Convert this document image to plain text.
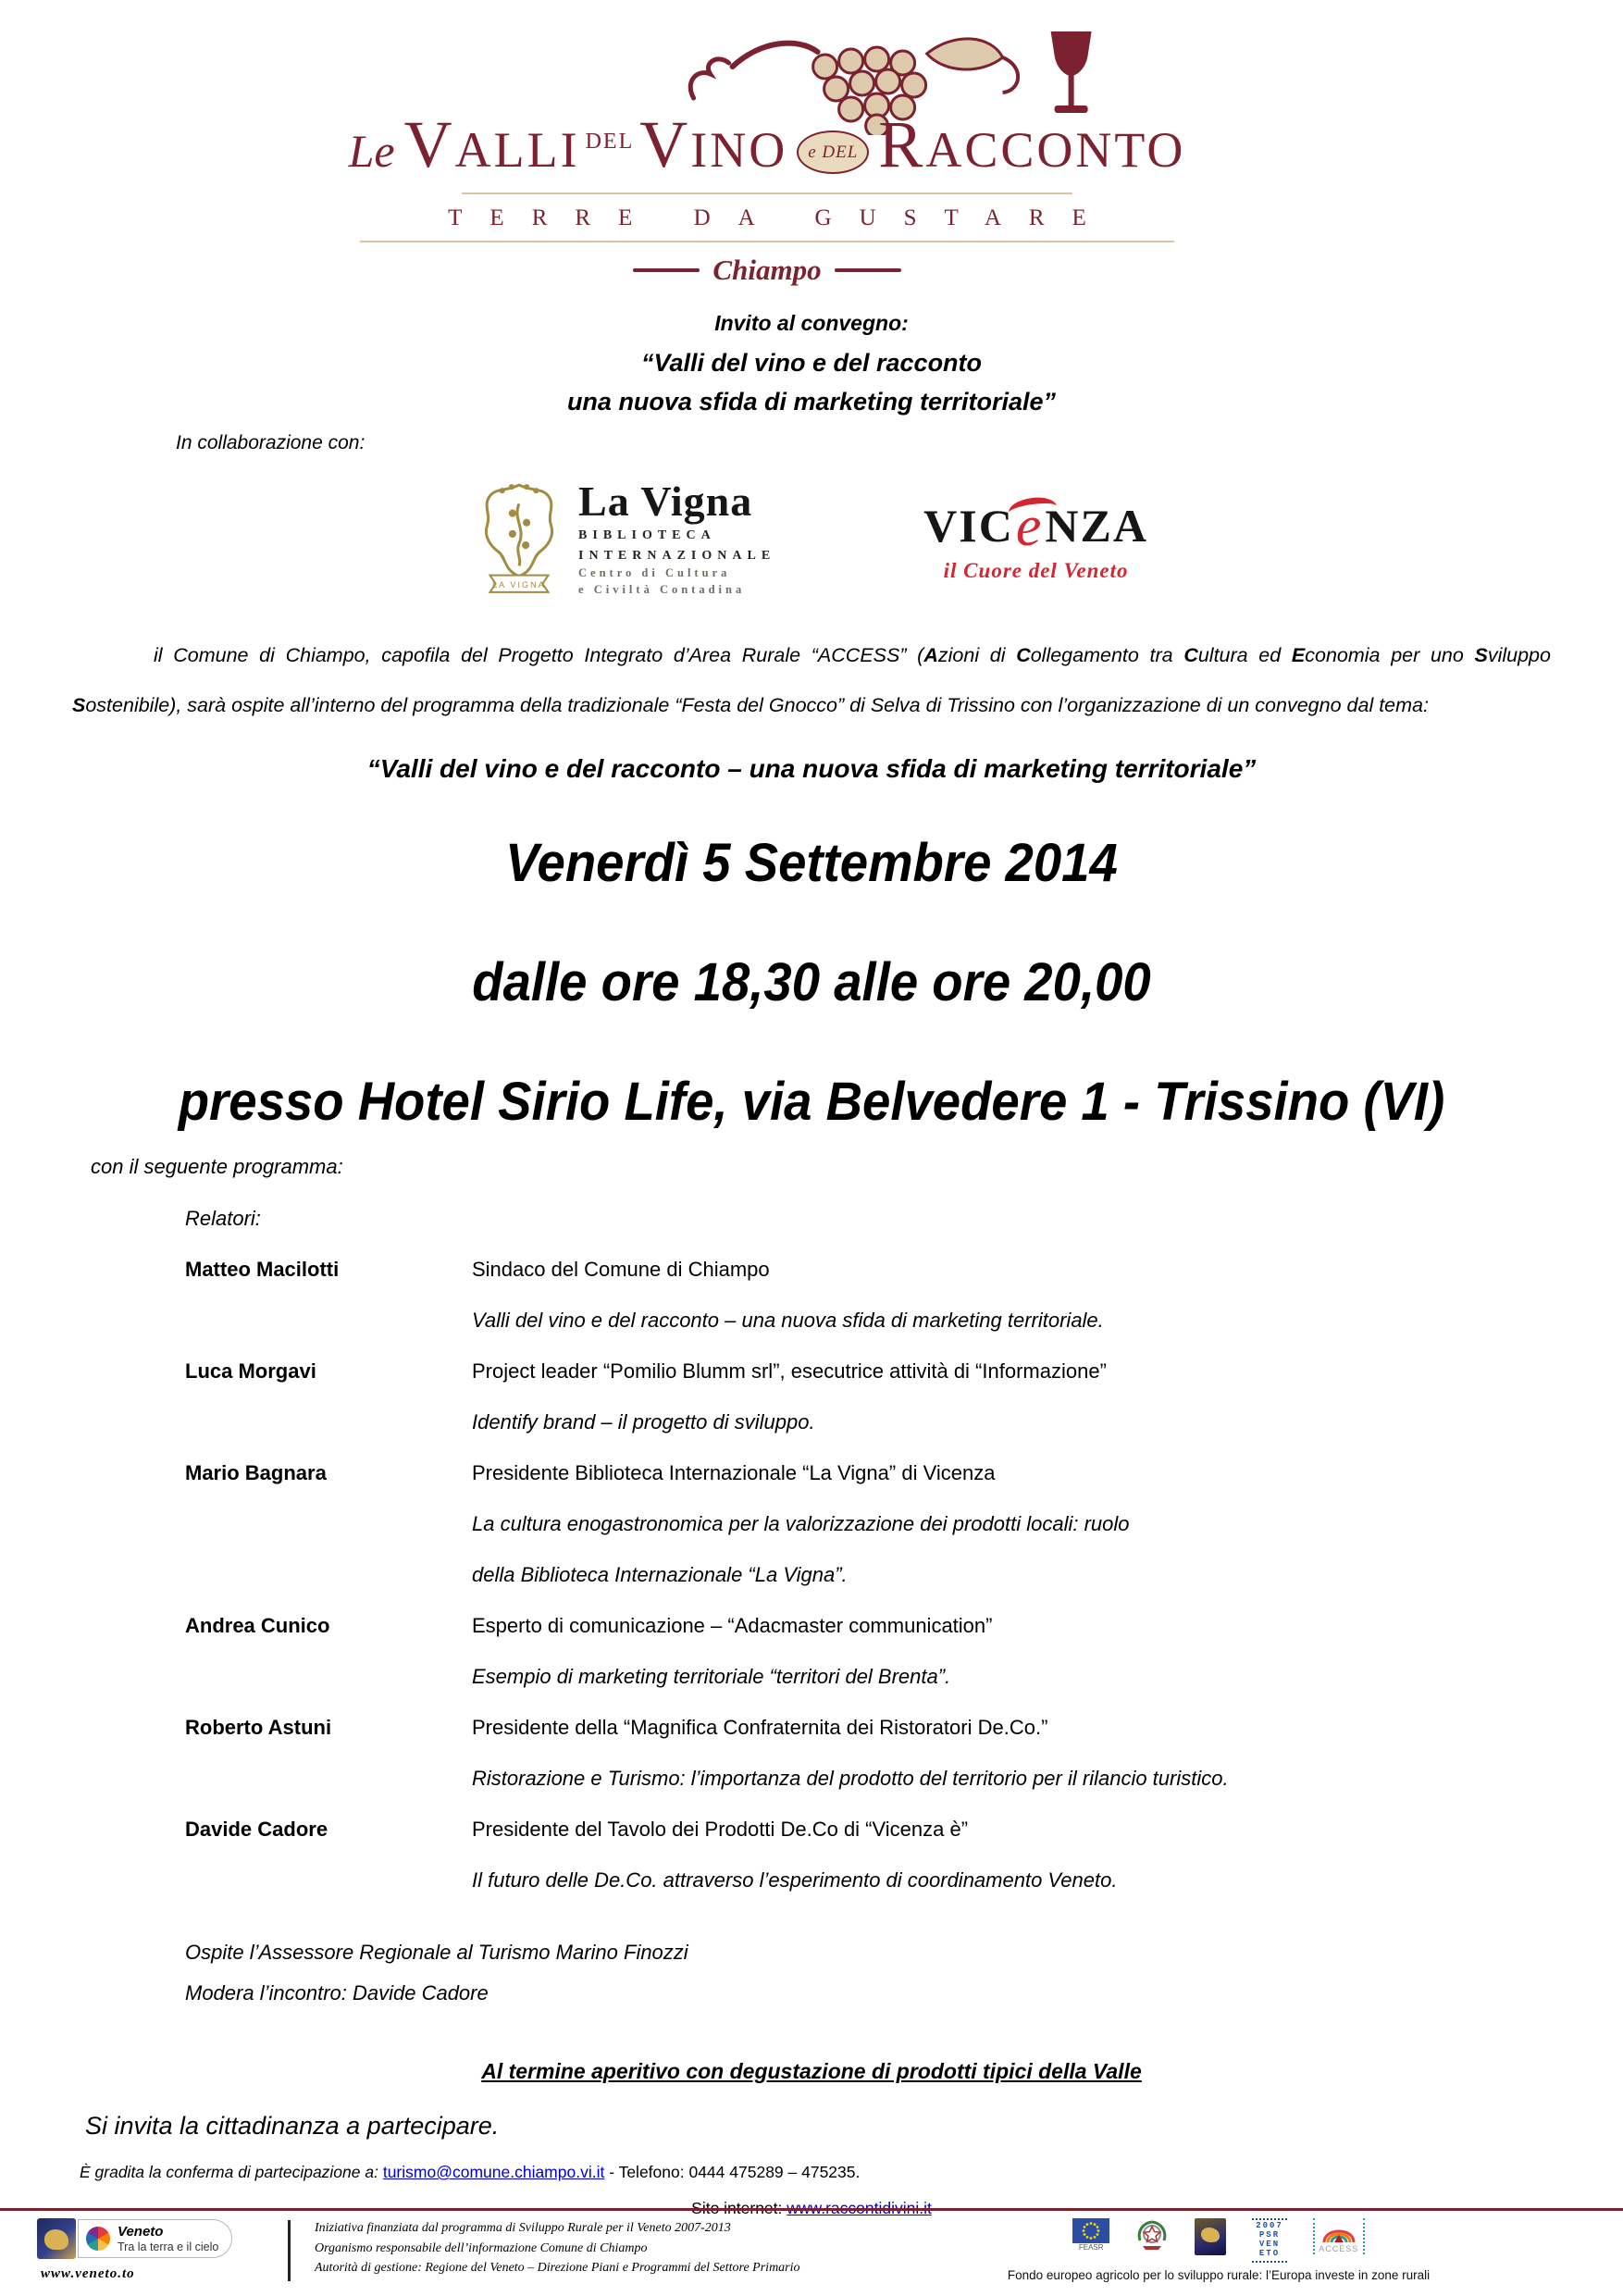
Le VALLI DEL VINO e DEL RACCONTO
TERRE DA GUSTARE
Chiampo
Invito al convegno:
“Valli del vino e del racconto
una nuova sfida di marketing territoriale”
In collaborazione con:
LA VIGNA
La Vigna
BIBLIOTECA
INTERNAZIONALE
Centro di Cultura
e Civiltà Contadina
VIC e NZA
il Cuore del Veneto
il Comune di Chiampo, capofila del Progetto Integrato d’Area Rurale “ACCESS” (Azioni di Collegamento tra Cultura ed Economia per uno Sviluppo Sostenibile), sarà ospite all’interno del programma della tradizionale “Festa del Gnocco” di Selva di Trissino con l’organizzazione di un convegno dal tema:
“Valli del vino e del racconto – una nuova sfida di marketing territoriale”
Venerdì 5 Settembre 2014
dalle ore 18,30 alle ore 20,00
presso Hotel Sirio Life, via Belvedere 1 - Trissino (VI)
con il seguente programma:
Relatori:
Matteo Macilotti	Sindaco del Comune di Chiampo
Valli del vino e del racconto – una nuova sfida di marketing territoriale.
Luca Morgavi	Project leader “Pomilio Blumm srl”, esecutrice attività di “Informazione”
Identify brand – il progetto di sviluppo.
Mario Bagnara	Presidente Biblioteca Internazionale “La Vigna” di Vicenza
La cultura enogastronomica per la valorizzazione dei prodotti locali: ruolo
della Biblioteca Internazionale “La Vigna”.
Andrea Cunico	Esperto di comunicazione – “Adacmaster communication”
Esempio di marketing territoriale “territori del Brenta”.
Roberto Astuni	Presidente della “Magnifica Confraternita dei Ristoratori De.Co.”
Ristorazione e Turismo: l’importanza del prodotto del territorio per il rilancio turistico.
Davide Cadore	Presidente del Tavolo dei Prodotti De.Co di “Vicenza è”
Il futuro delle De.Co. attraverso l’esperimento di coordinamento Veneto.
Ospite l’Assessore Regionale al Turismo Marino Finozzi
Modera l’incontro: Davide Cadore
Al termine aperitivo con degustazione di prodotti tipici della Valle
Si invita la cittadinanza a partecipare.
È gradita la conferma di partecipazione a: turismo@comune.chiampo.vi.it - Telefono: 0444 475289 – 475235.
Sito internet: www.raccontidivini.it
Veneto
Tra la terra e il cielo
www.veneto.to
Iniziativa finanziata dal programma di Sviluppo Rurale per il Veneto 2007-2013
Organismo responsabile dell’informazione Comune di Chiampo
Autorità di gestione: Regione del Veneto – Direzione Piani e Programmi del Settore Primario
FEASR
2007
PSR
VEN
ETO	ACCESS
Fondo europeo agricolo per lo sviluppo rurale: l’Europa investe in zone rurali
